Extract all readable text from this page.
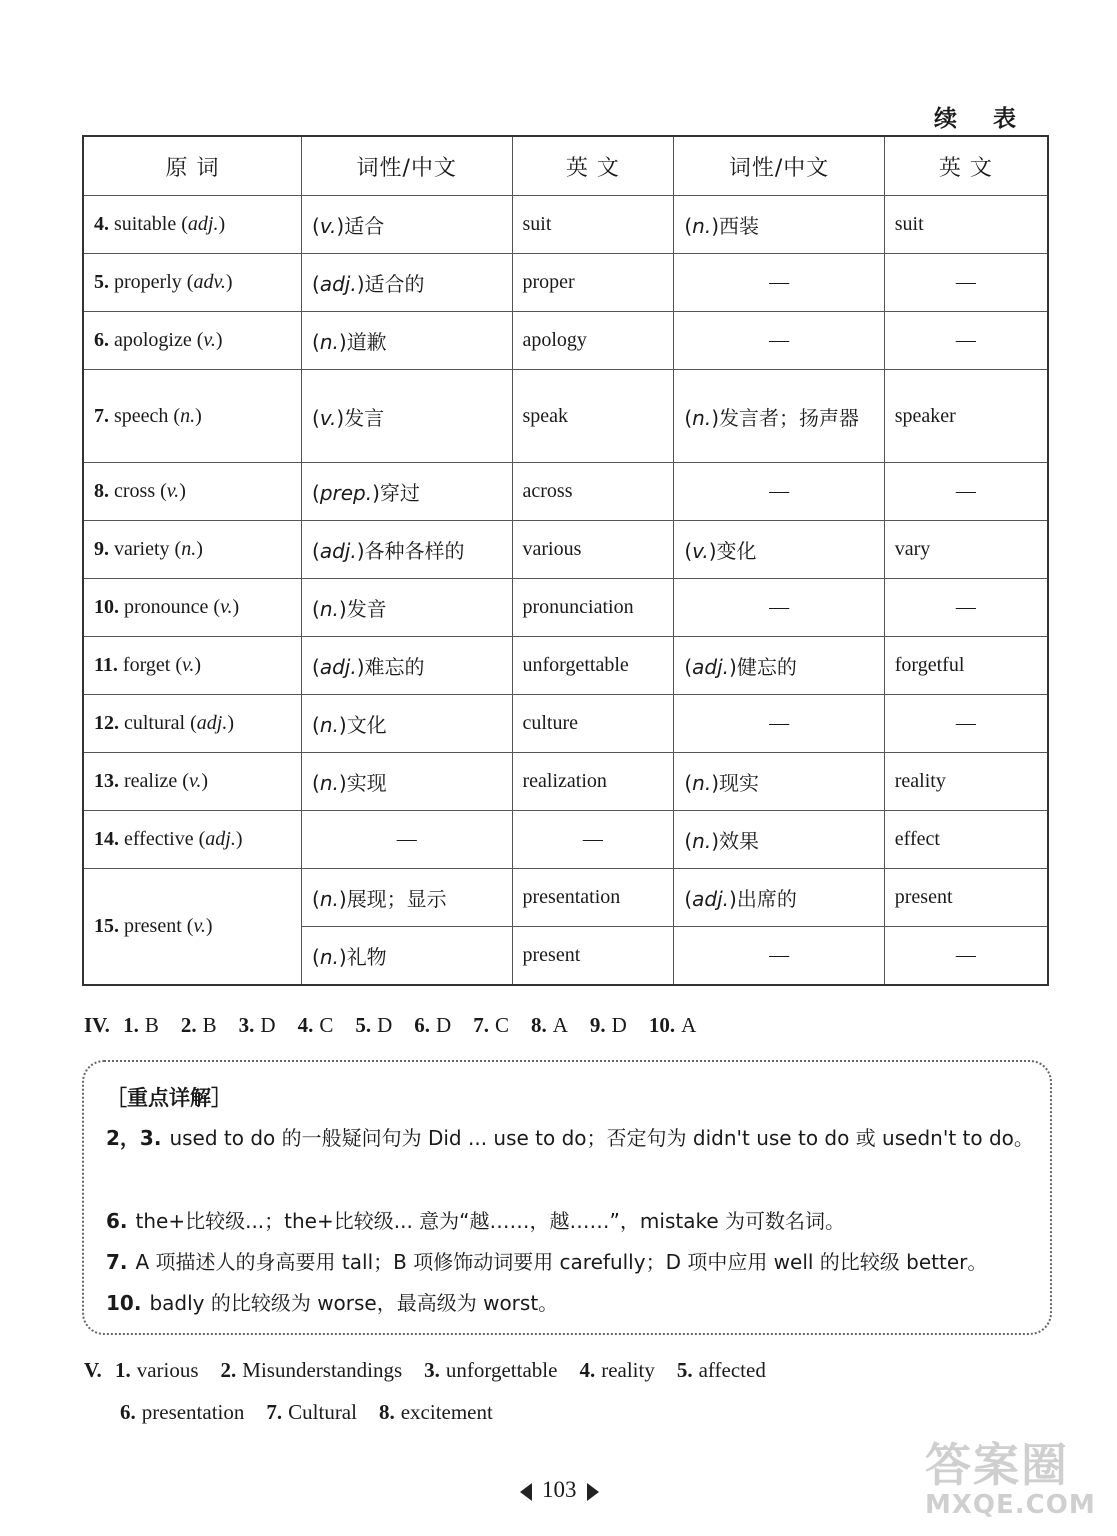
续 表
原 词	词性/中文	英 文	词性/中文	英 文
4. suitable (adj.)	(v.)适合	suit	(n.)西装	suit
5. properly (adv.)	(adj.)适合的	proper	—	—
6. apologize (v.)	(n.)道歉	apology	—	—
7. speech (n.)	(v.)发言	speak	(n.)发言者；扬声器	speaker
8. cross (v.)	(prep.)穿过	across	—	—
9. variety (n.)	(adj.)各种各样的	various	(v.)变化	vary
10. pronounce (v.)	(n.)发音	pronunciation	—	—
11. forget (v.)	(adj.)难忘的	unforgettable	(adj.)健忘的	forgetful
12. cultural (adj.)	(n.)文化	culture	—	—
13. realize (v.)	(n.)实现	realization	(n.)现实	reality
14. effective (adj.)	—	—	(n.)效果	effect
15. present (v.)	(n.)展现；显示	presentation	(adj.)出席的	present
	(n.)礼物	present	—	—
IV. 1. B 2. B 3. D 4. C 5. D 6. D 7. C 8. A 9. D 10. A
［重点详解］
2，3. used to do 的一般疑问句为 Did ... use to do；否定句为 didn't use to do 或 usedn't to do。
6. the+比较级...；the+比较级... 意为“越……，越……”，mistake 为可数名词。
7. A 项描述人的身高要用 tall；B 项修饰动词要用 carefully；D 项中应用 well 的比较级 better。
10. badly 的比较级为 worse，最高级为 worst。
V. 1. various 2. Misunderstandings 3. unforgettable 4. reality 5. affected
6. presentation 7. Cultural 8. excitement
103	答案圈
MXQE.COM
